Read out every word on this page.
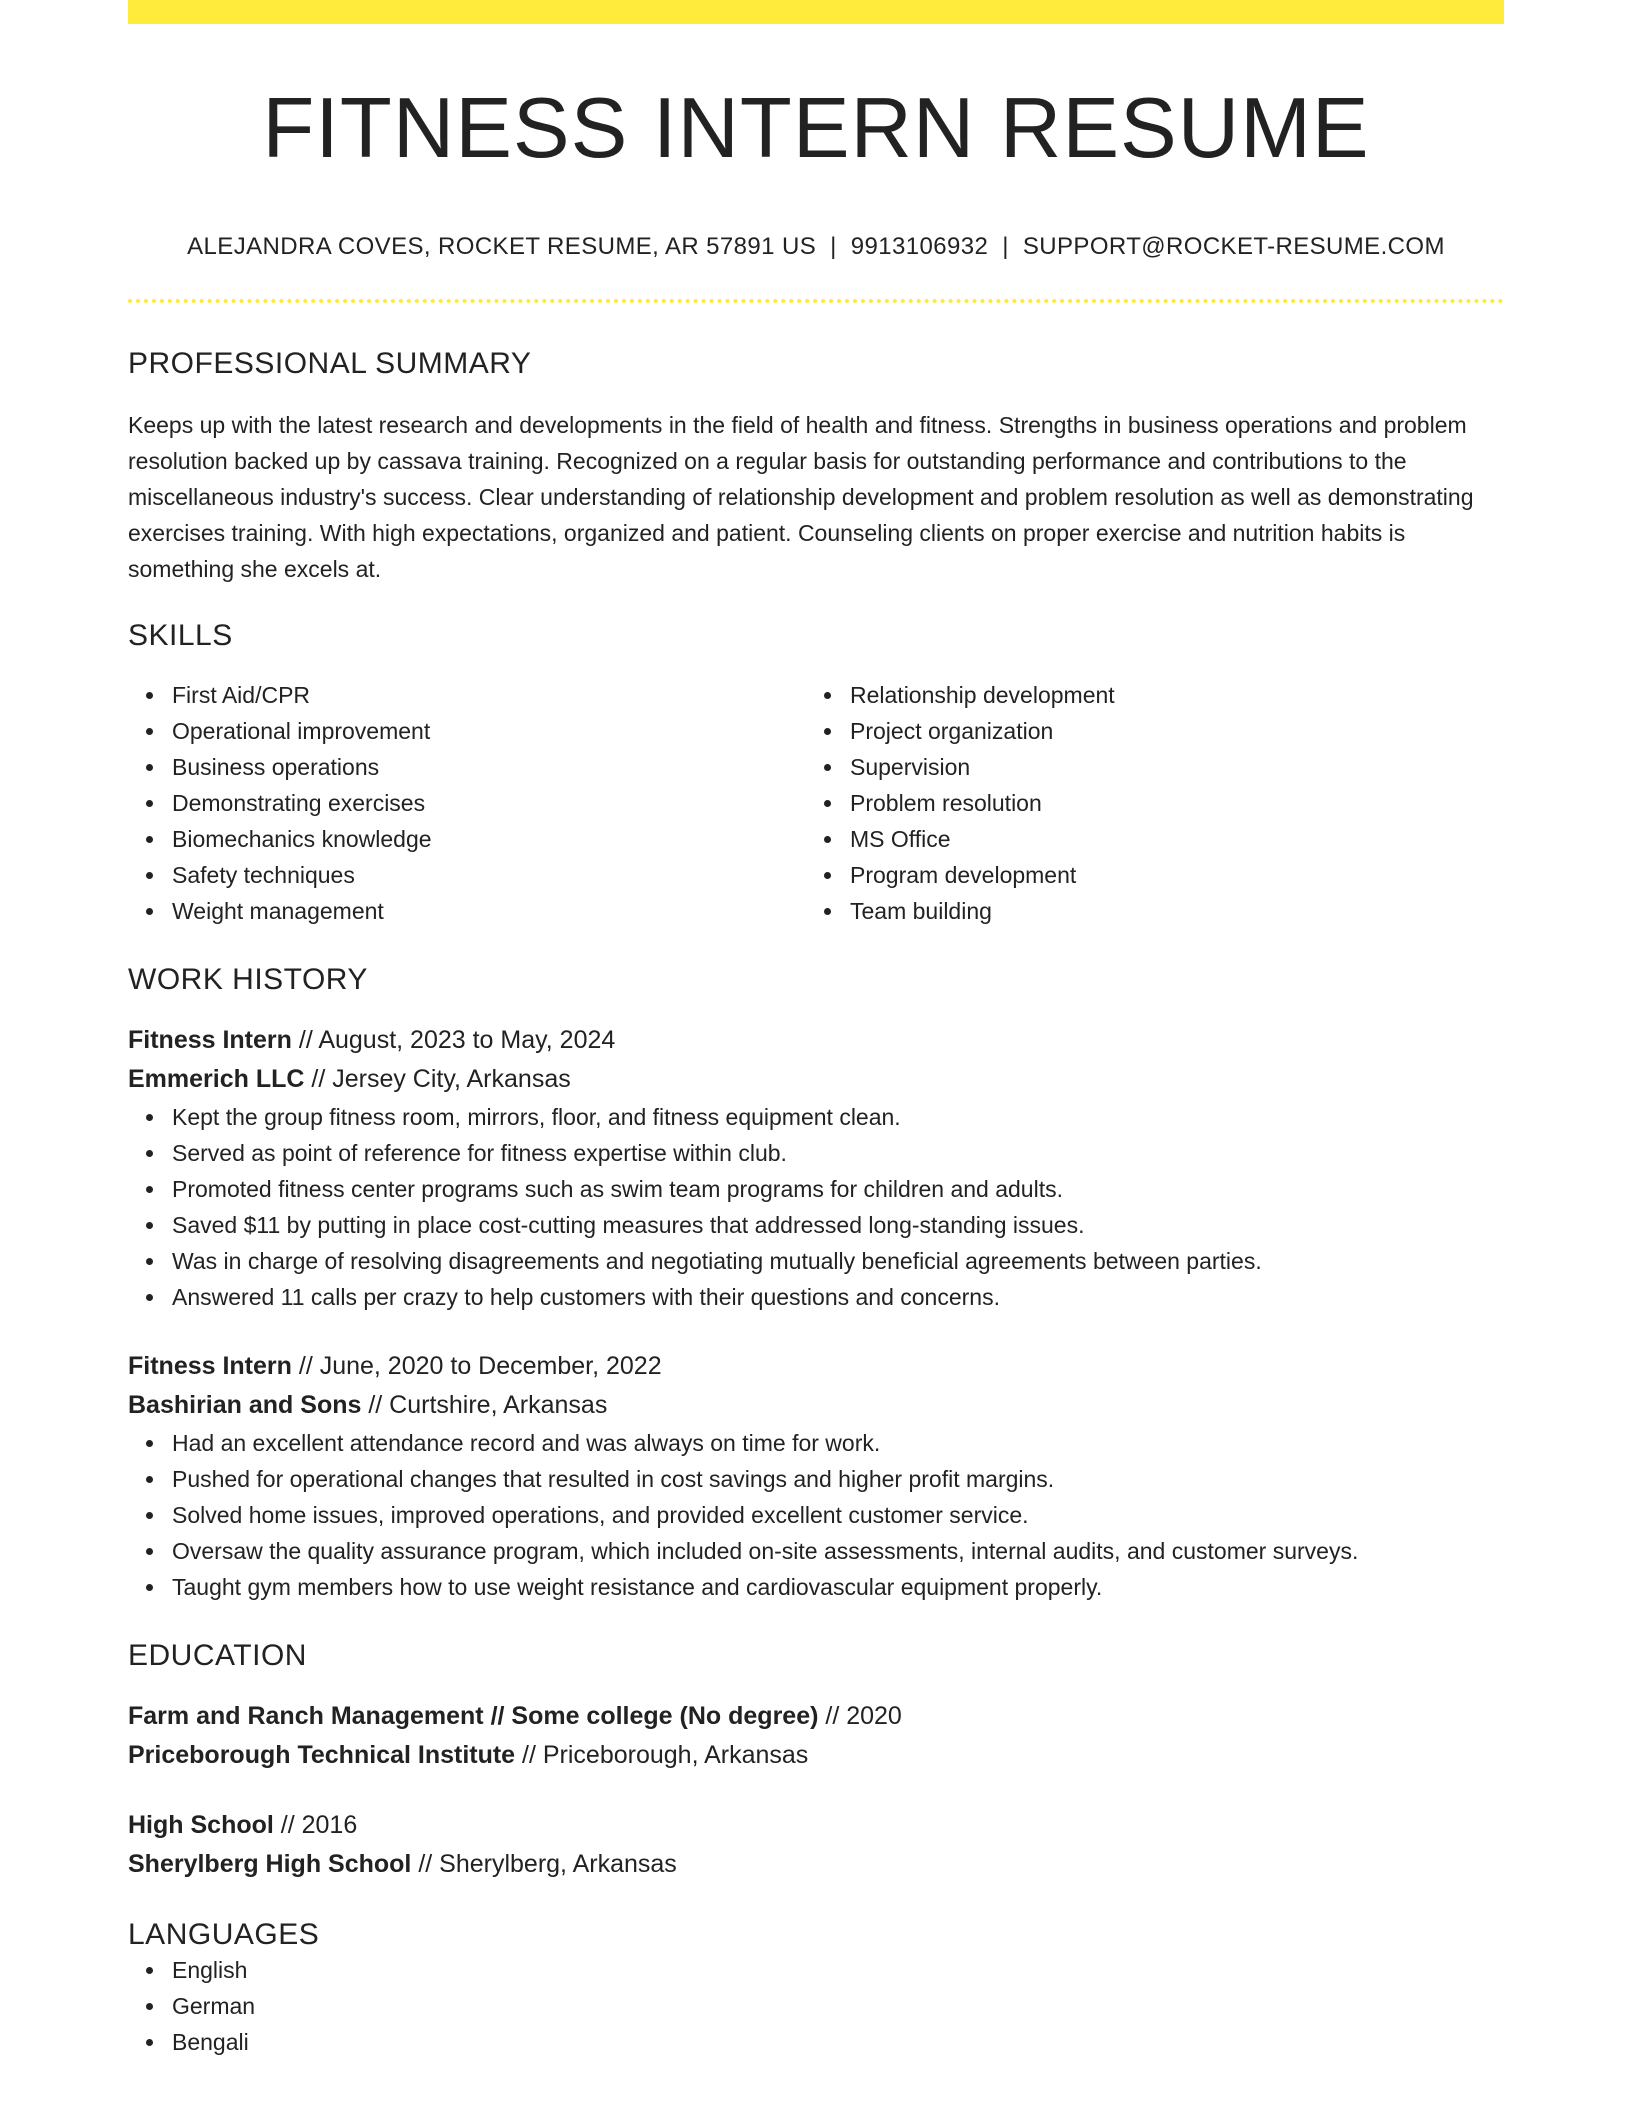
FITNESS INTERN RESUME
ALEJANDRA COVES, ROCKET RESUME, AR 57891 US | 9913106932 | SUPPORT@ROCKET-RESUME.COM
PROFESSIONAL SUMMARY

Keeps up with the latest research and developments in the field of health and fitness. Strengths in business operations and problem resolution backed up by cassava training. Recognized on a regular basis for outstanding performance and contributions to the miscellaneous industry's success. Clear understanding of relationship development and problem resolution as well as demonstrating exercises training. With high expectations, organized and patient. Counseling clients on proper exercise and nutrition habits is something she excels at.

SKILLS
First Aid/CPR
Operational improvement
Business operations
Demonstrating exercises
Biomechanics knowledge
Safety techniques
Weight management
Relationship development
Project organization
Supervision
Problem resolution
MS Office
Program development
Team building
WORK HISTORY
Fitness Intern // August, 2023 to May, 2024
Emmerich LLC // Jersey City, Arkansas
Kept the group fitness room, mirrors, floor, and fitness equipment clean.
Served as point of reference for fitness expertise within club.
Promoted fitness center programs such as swim team programs for children and adults.
Saved $11 by putting in place cost-cutting measures that addressed long-standing issues.
Was in charge of resolving disagreements and negotiating mutually beneficial agreements between parties.
Answered 11 calls per crazy to help customers with their questions and concerns.
Fitness Intern // June, 2020 to December, 2022
Bashirian and Sons // Curtshire, Arkansas
Had an excellent attendance record and was always on time for work.
Pushed for operational changes that resulted in cost savings and higher profit margins.
Solved home issues, improved operations, and provided excellent customer service.
Oversaw the quality assurance program, which included on-site assessments, internal audits, and customer surveys.
Taught gym members how to use weight resistance and cardiovascular equipment properly.
EDUCATION
Farm and Ranch Management // Some college (No degree) // 2020
Priceborough Technical Institute // Priceborough, Arkansas
High School // 2016
Sherylberg High School // Sherylberg, Arkansas
LANGUAGES
English
German
Bengali
